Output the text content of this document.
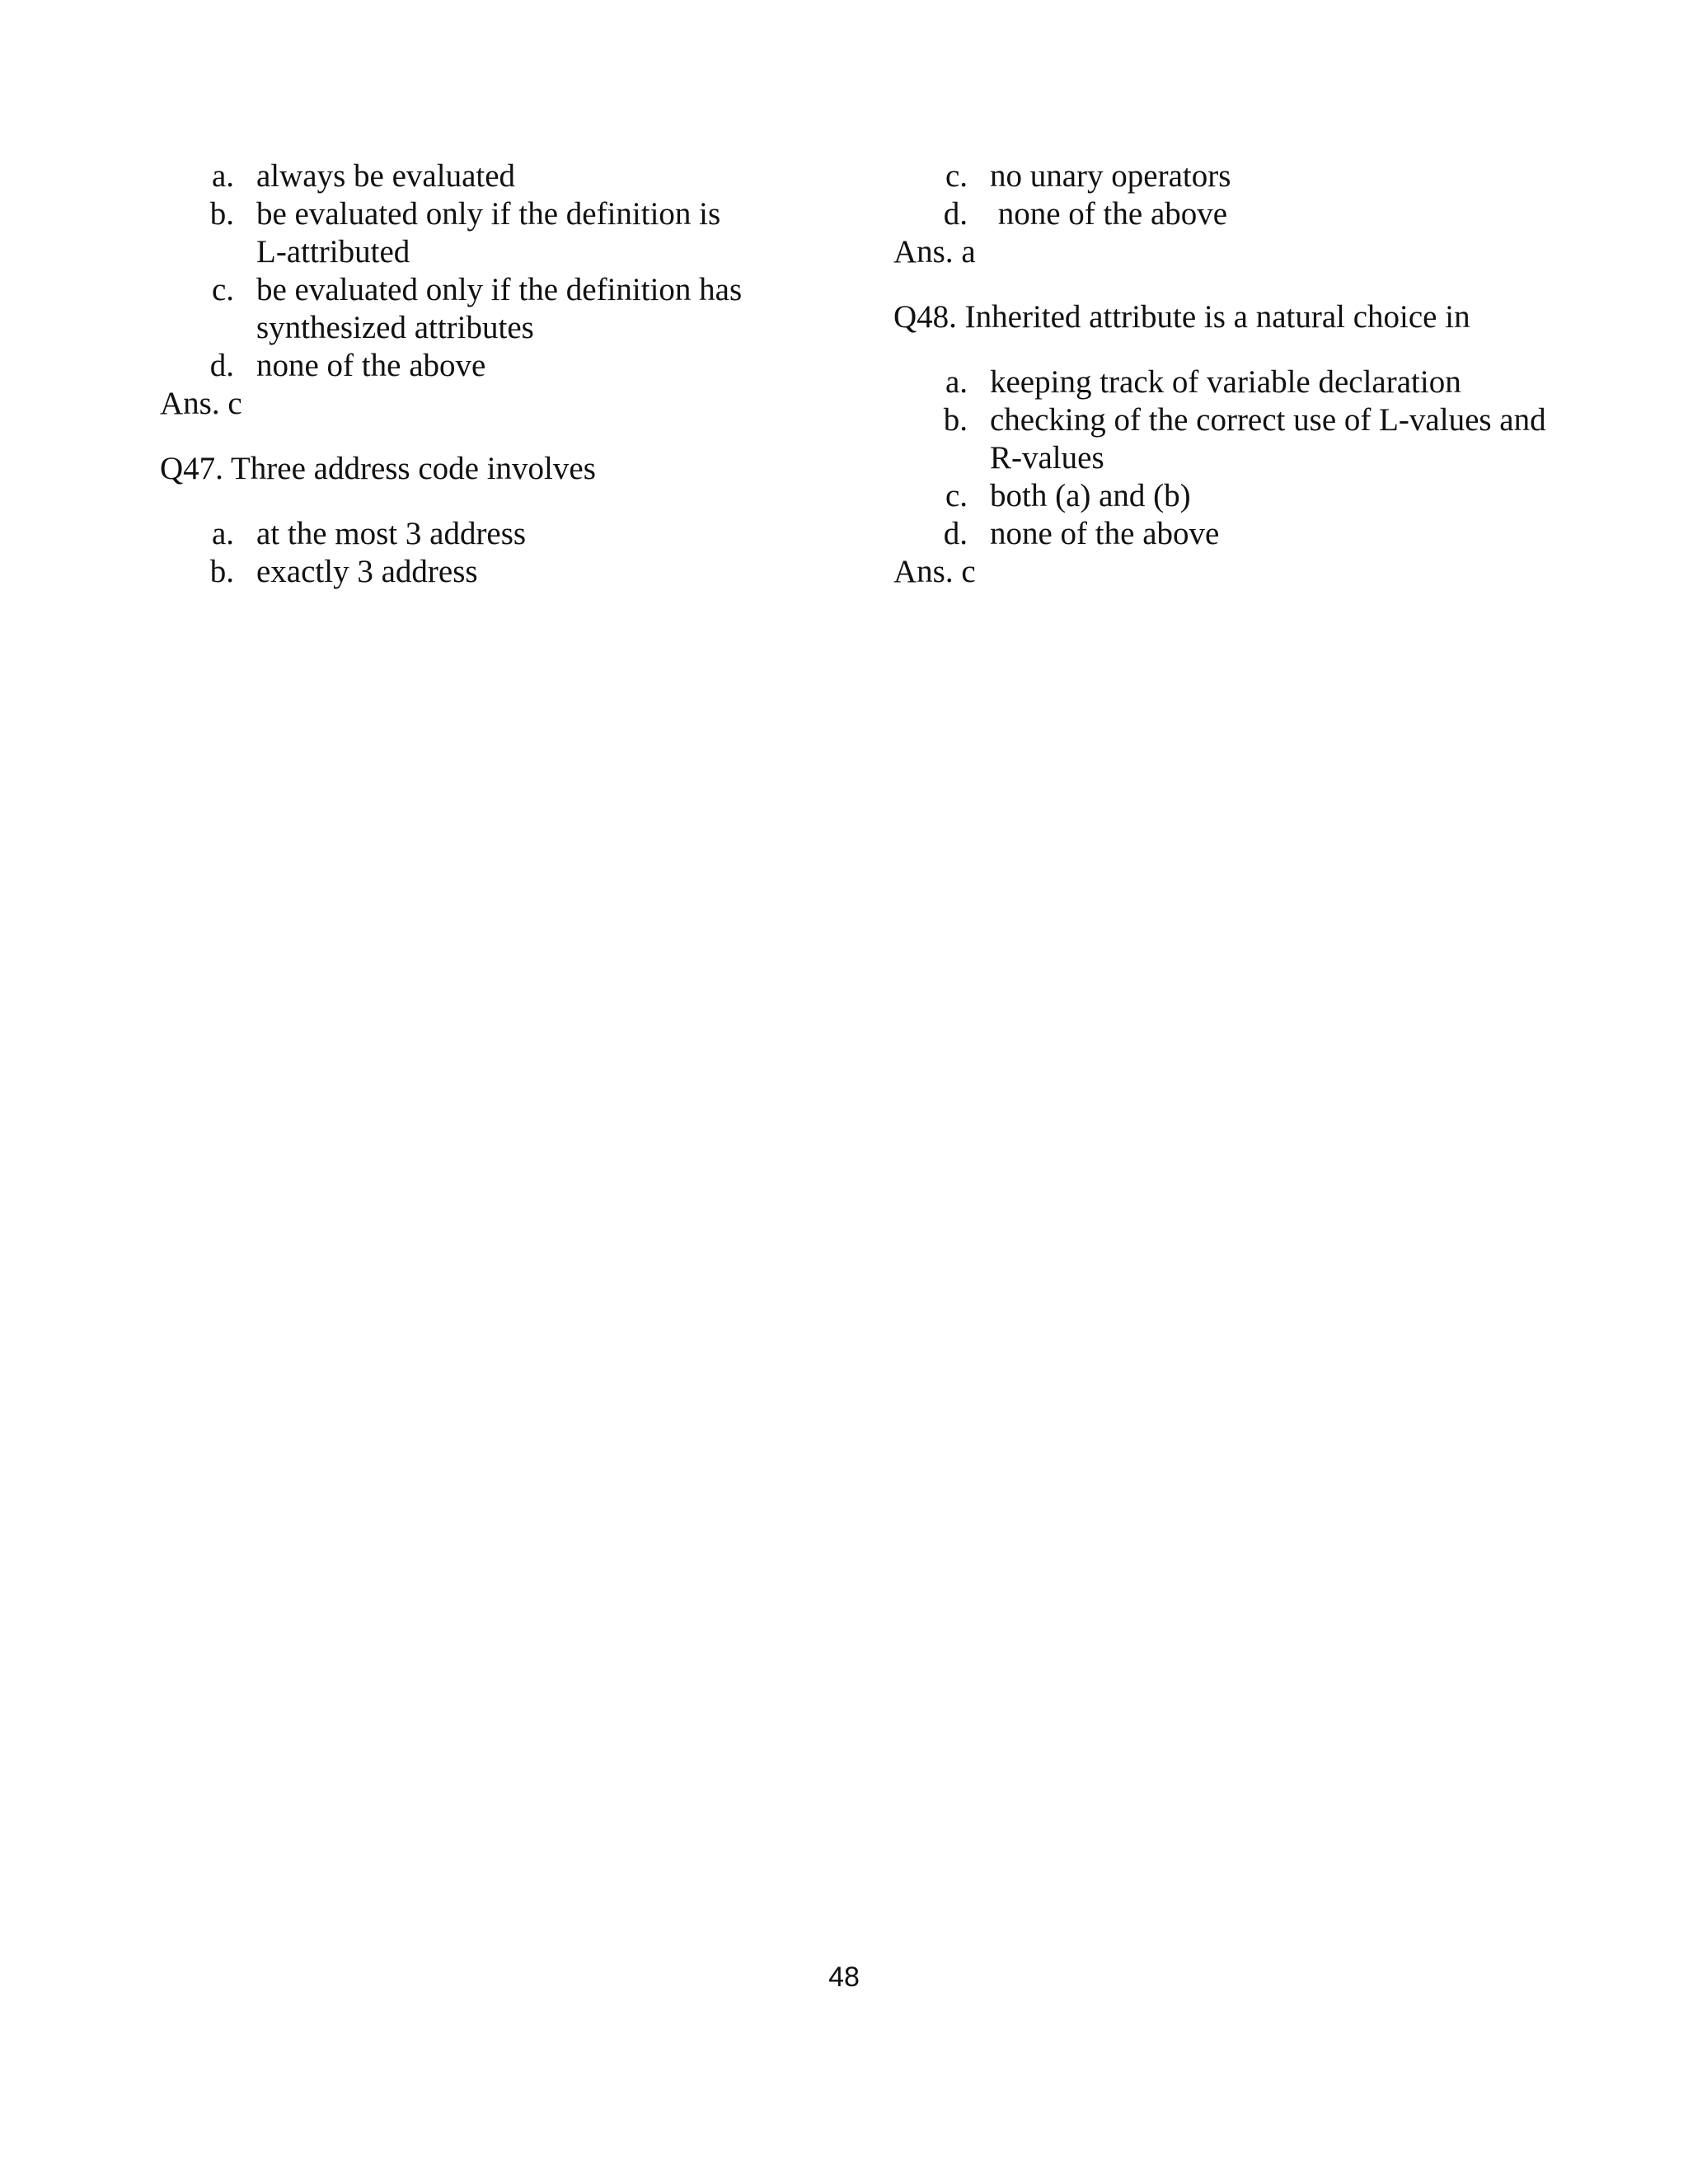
a. always be evaluated
b. be evaluated only if the definition is L-attributed
c. be evaluated only if the definition has synthesized attributes
d. none of the above
Ans. c
Q47. Three address code involves
a. at the most 3 address
b. exactly 3 address
c. no unary operators
d. none of the above
Ans. a
Q48. Inherited attribute is a natural choice in
a. keeping track of variable declaration
b. checking of the correct use of L-values and R-values
c. both (a) and (b)
d. none of the above
Ans. c
48
